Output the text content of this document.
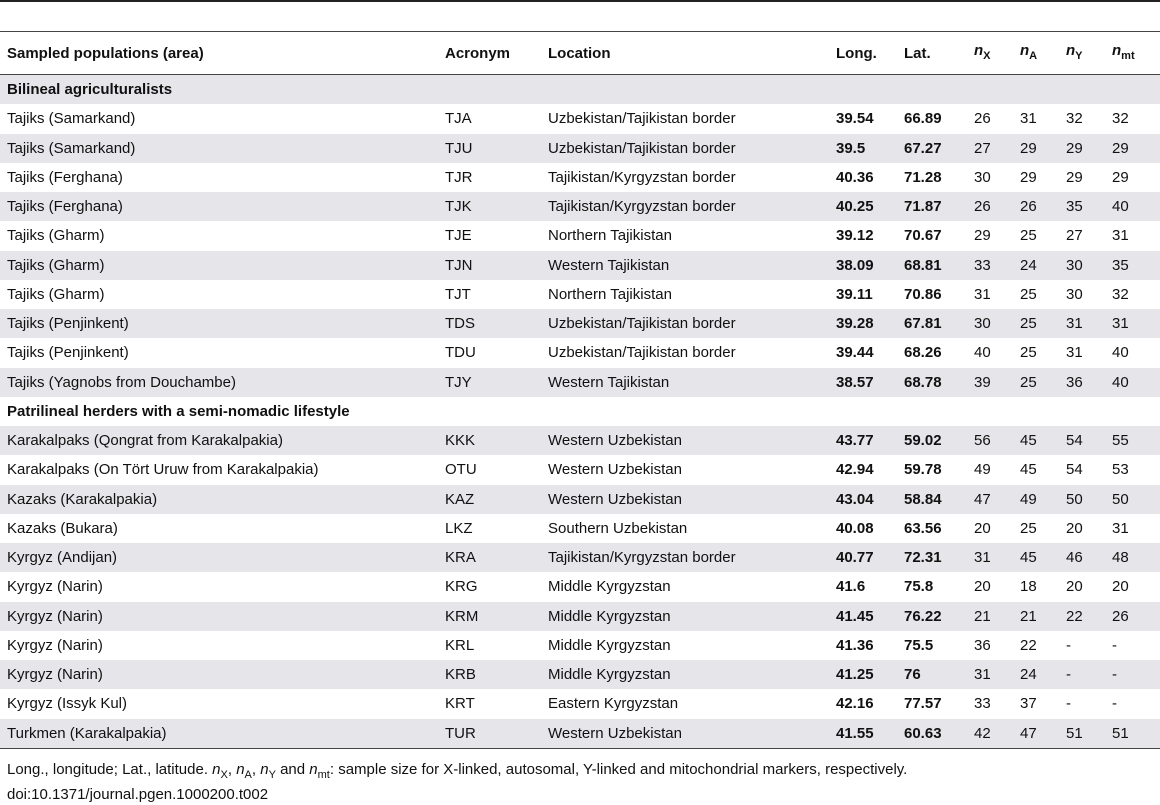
Sampled populations (area)	Acronym	Location	Long.	Lat.	$n_X$	$n_A$	$n_Y$	$n_{mt}$
Bilineal agriculturalists								
Tajiks (Samarkand)	TJA	Uzbekistan/Tajikistan border	39.54	66.89	26	31	32	32
Tajiks (Samarkand)	TJU	Uzbekistan/Tajikistan border	39.5	67.27	27	29	29	29
Tajiks (Ferghana)	TJR	Tajikistan/Kyrgyzstan border	40.36	71.28	30	29	29	29
Tajiks (Ferghana)	TJK	Tajikistan/Kyrgyzstan border	40.25	71.87	26	26	35	40
Tajiks (Gharm)	TJE	Northern Tajikistan	39.12	70.67	29	25	27	31
Tajiks (Gharm)	TJN	Western Tajikistan	38.09	68.81	33	24	30	35
Tajiks (Gharm)	TJT	Northern Tajikistan	39.11	70.86	31	25	30	32
Tajiks (Penjinkent)	TDS	Uzbekistan/Tajikistan border	39.28	67.81	30	25	31	31
Tajiks (Penjinkent)	TDU	Uzbekistan/Tajikistan border	39.44	68.26	40	25	31	40
Tajiks (Yagnobs from Douchambe)	TJY	Western Tajikistan	38.57	68.78	39	25	36	40
Patrilineal herders with a semi-nomadic lifestyle								
Karakalpaks (Qongrat from Karakalpakia)	KKK	Western Uzbekistan	43.77	59.02	56	45	54	55
Karakalpaks (On Tört Uruw from Karakalpakia)	OTU	Western Uzbekistan	42.94	59.78	49	45	54	53
Kazaks (Karakalpakia)	KAZ	Western Uzbekistan	43.04	58.84	47	49	50	50
Kazaks (Bukara)	LKZ	Southern Uzbekistan	40.08	63.56	20	25	20	31
Kyrgyz (Andijan)	KRA	Tajikistan/Kyrgyzstan border	40.77	72.31	31	45	46	48
Kyrgyz (Narin)	KRG	Middle Kyrgyzstan	41.6	75.8	20	18	20	20
Kyrgyz (Narin)	KRM	Middle Kyrgyzstan	41.45	76.22	21	21	22	26
Kyrgyz (Narin)	KRL	Middle Kyrgyzstan	41.36	75.5	36	22	-	-
Kyrgyz (Narin)	KRB	Middle Kyrgyzstan	41.25	76	31	24	-	-
Kyrgyz (Issyk Kul)	KRT	Eastern Kyrgyzstan	42.16	77.57	33	37	-	-
Turkmen (Karakalpakia)	TUR	Western Uzbekistan	41.55	60.63	42	47	51	51
Long., longitude; Lat., latitude. $n_X$, $n_A$, $n_Y$ and $n_{mt}$: sample size for X-linked, autosomal, Y-linked and mitochondrial markers, respectively.
doi:10.1371/journal.pgen.1000200.t002
